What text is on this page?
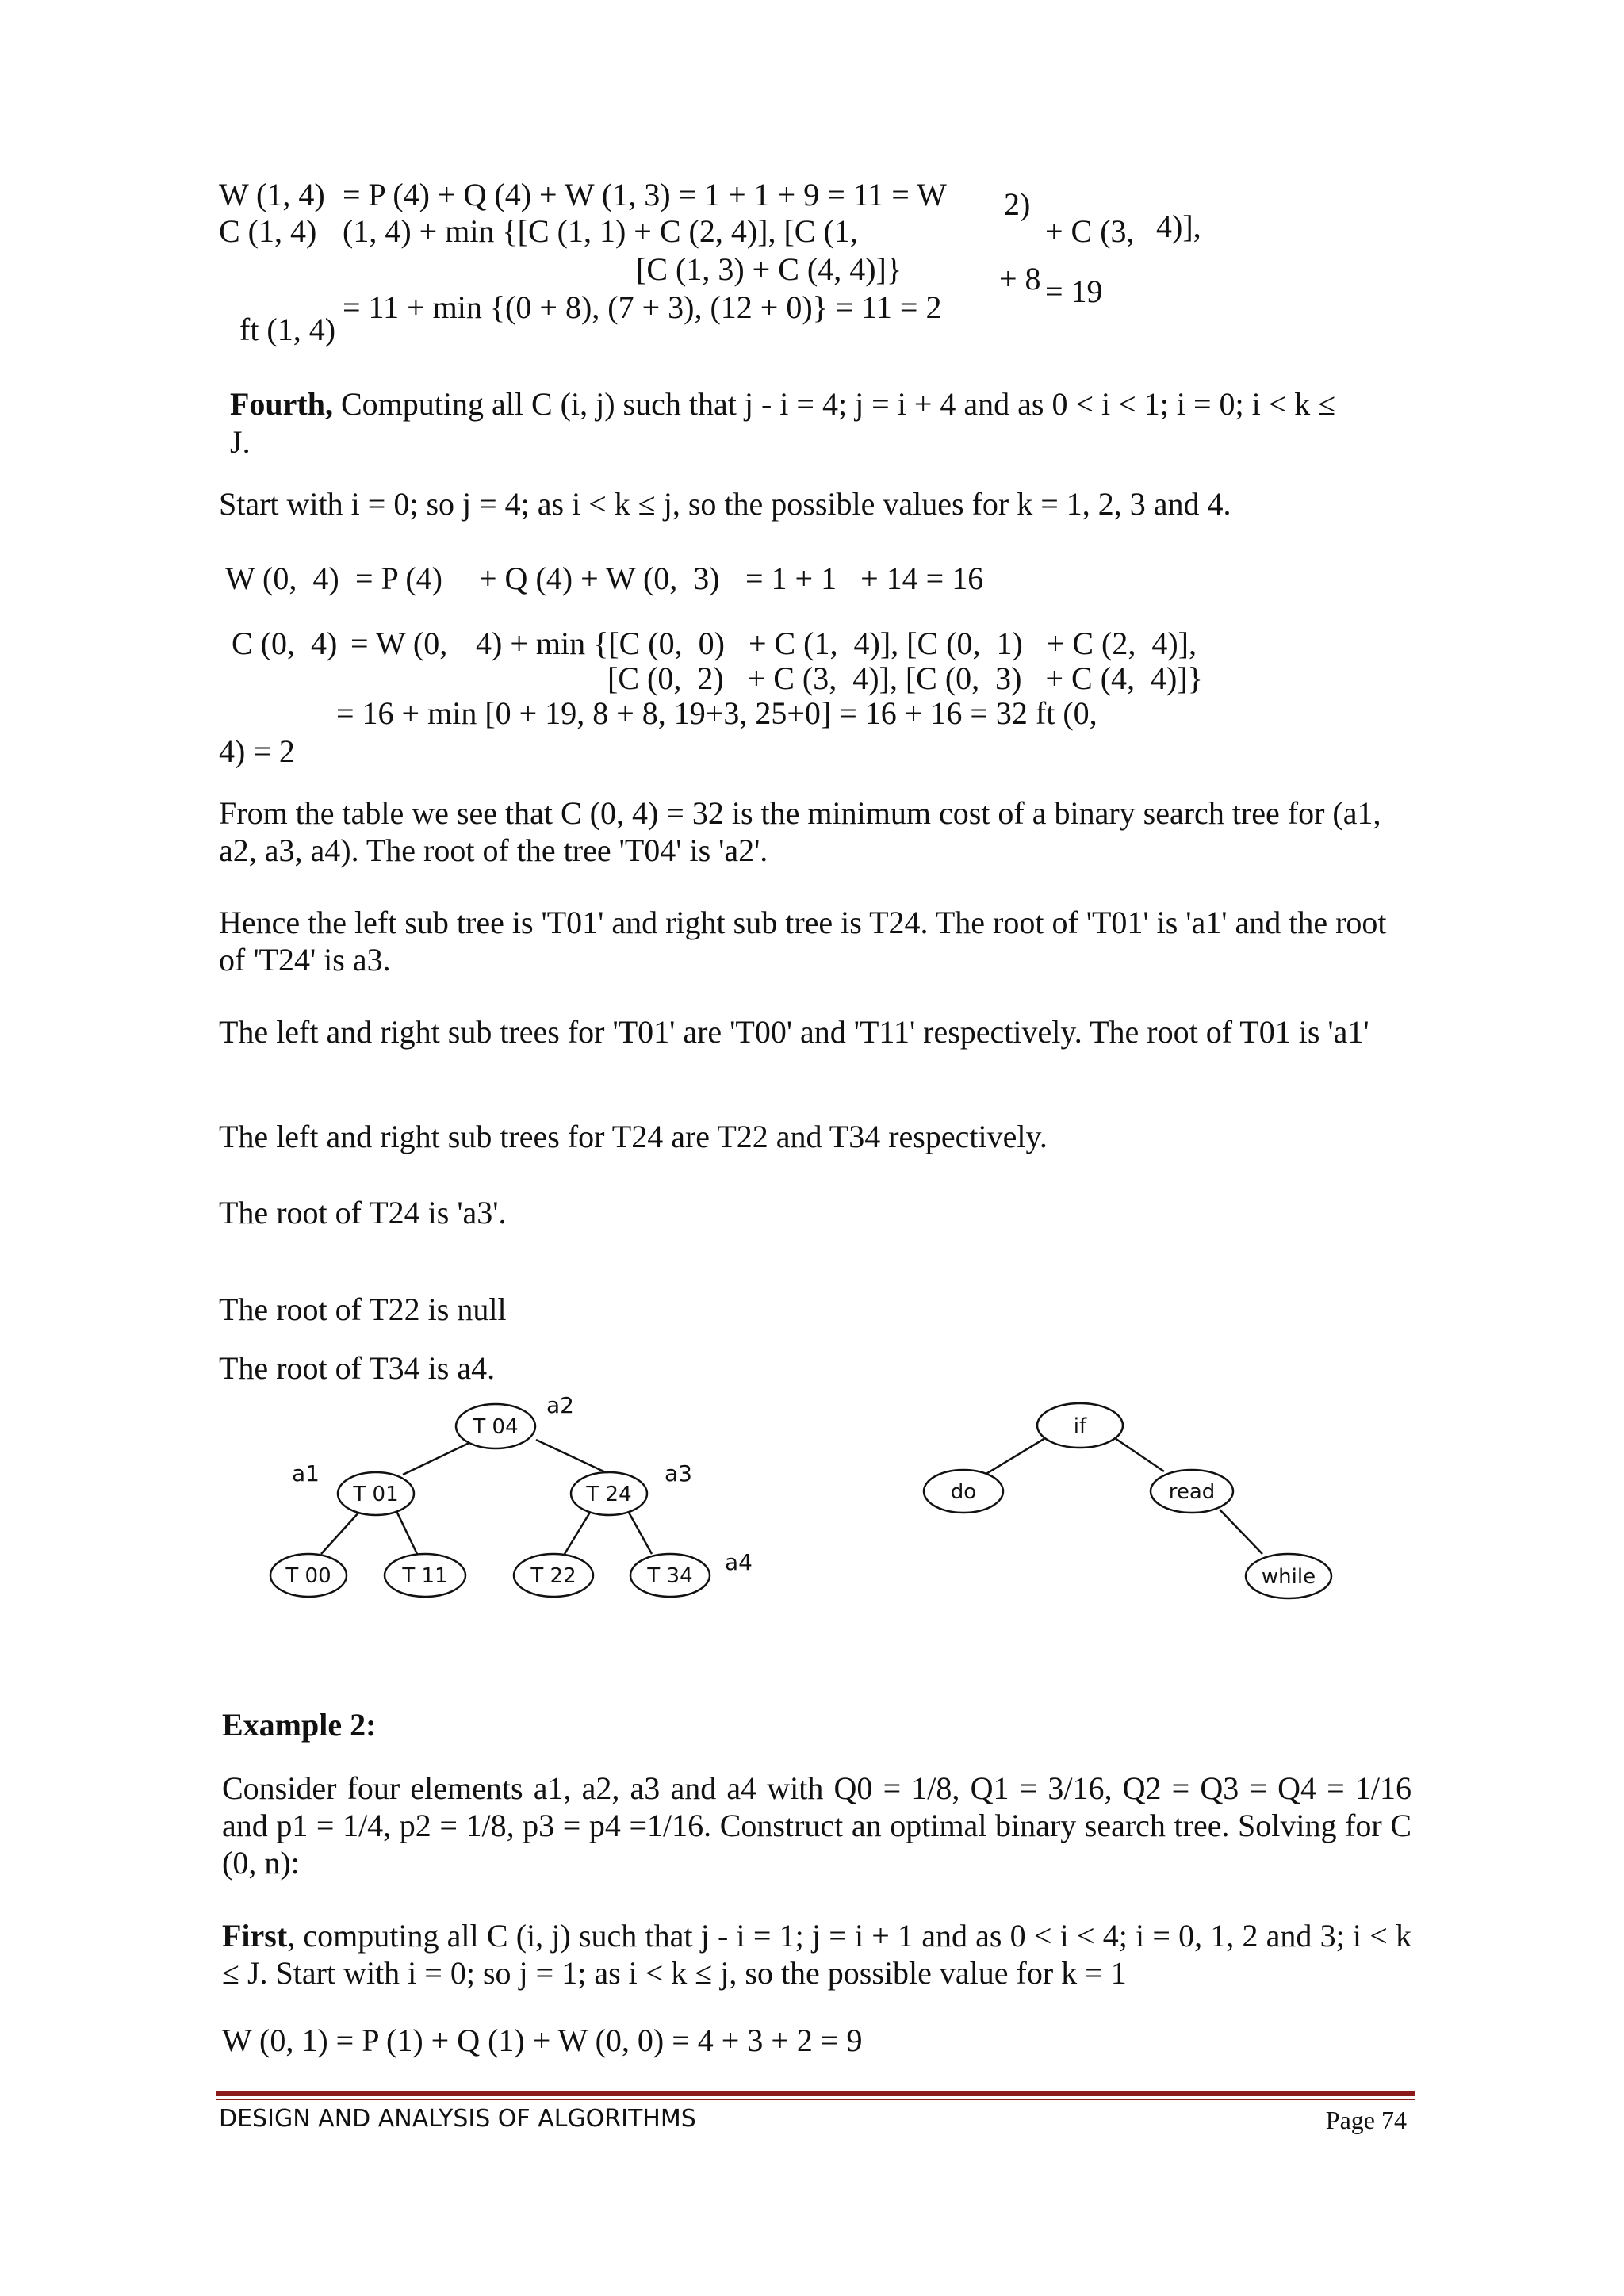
W (1, 4) = P (4) + Q (4) + W (1, 3) = 1 + 1 + 9 = 11 = W 2)
C (1, 4) (1, 4) + min {[C (1, 1) + C (2, 4)], [C (1,	+ C (3, 4)],
[C (1, 3) + C (4, 4)]}	+ 8 = 19
= 11 + min {(0 + 8), (7 + 3), (12 + 0)} = 11 = 2
ft (1, 4)
Fourth, Computing all C (i, j) such that j - i = 4; j = i + 4 and as 0 < i < 1; i = 0; i < k ≤
J.
Start with i = 0; so j = 4; as i < k ≤ j, so the possible values for k = 1, 2, 3 and 4.
W (0,  4) = P (4) + Q (4) + W (0,  3) = 1 + 1   + 14 = 16
C (0,  4) = W (0, 4) + min {[C (0,  0)   + C (1,  4)], [C (0,  1)   + C (2,  4)],
[C (0,  2)   + C (3,  4)], [C (0,  3)   + C (4,  4)]}
= 16 + min [0 + 19, 8 + 8, 19+3, 25+0] = 16 + 16 = 32 ft (0,
4) = 2
From the table we see that C (0, 4) = 32 is the minimum cost of a binary search tree for (a1, a2, a3, a4). The root of the tree 'T04' is 'a2'.
Hence the left sub tree is 'T01' and right sub tree is T24. The root of 'T01' is 'a1' and the root of 'T24' is a3.
The left and right sub trees for 'T01' are 'T00' and 'T11' respectively. The root of T01 is 'a1'
The left and right sub trees for T24 are T22 and T34 respectively.
The root of T24 is 'a3'.
The root of T22 is null
The root of T34 is a4.
T 04
T 01	T 24
T 00	T 11	T 22	T 34
if
do	read
while
a2
a1	a3
a4
Example 2:
Consider four elements a1, a2, a3 and a4 with Q0 = 1/8, Q1 = 3/16, Q2 = Q3 = Q4 = 1/16 and p1 = 1/4, p2 = 1/8, p3 = p4 =1/16. Construct an optimal binary search tree. Solving for C (0, n):
First, computing all C (i, j) such that j - i = 1; j = i + 1 and as 0 < i < 4; i = 0, 1, 2 and 3; i < k ≤ J. Start with i = 0; so j = 1; as i < k ≤ j, so the possible value for k = 1
W (0, 1) = P (1) + Q (1) + W (0, 0) = 4 + 3 + 2 = 9
DESIGN AND ANALYSIS OF ALGORITHMS	Page 74
